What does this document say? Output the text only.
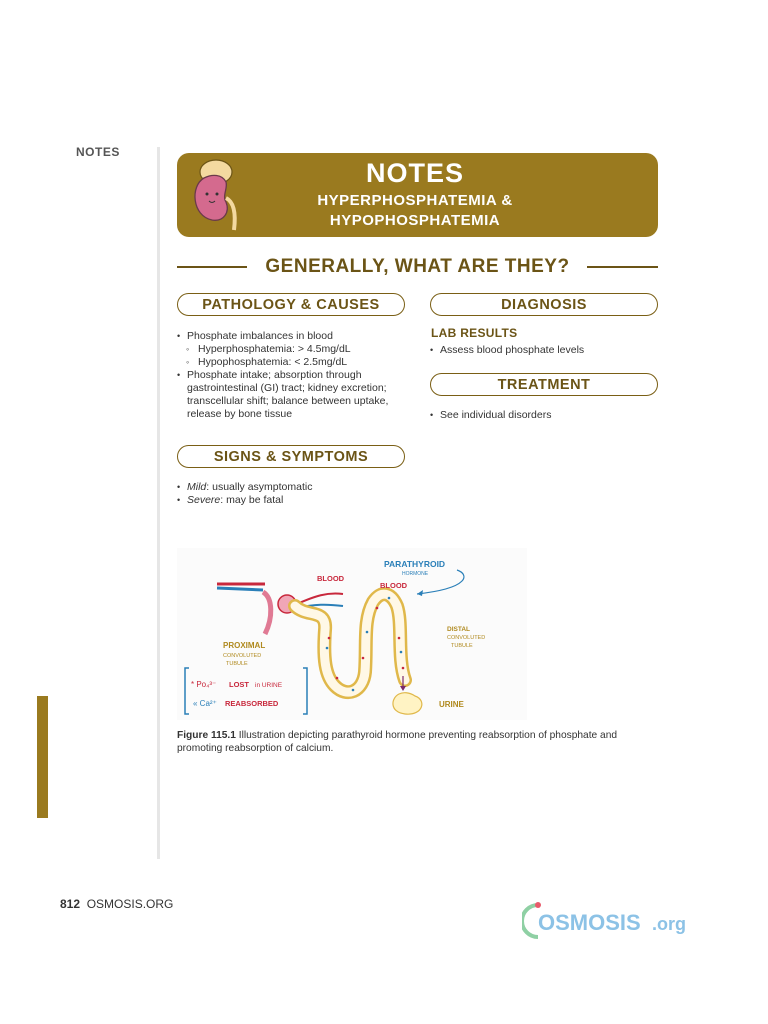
NOTES
NOTES
HYPERPHOSPHATEMIA &
HYPOPHOSPHATEMIA
GENERALLY, WHAT ARE THEY?
PATHOLOGY & CAUSES
• Phosphate imbalances in blood
◦ Hyperphosphatemia: > 4.5mg/dL
◦ Hypophosphatemia: < 2.5mg/dL
• Phosphate intake; absorption through gastrointestinal (GI) tract; kidney excretion; transcellular shift; balance between uptake, release by bone tissue
SIGNS & SYMPTOMS
• Mild: usually asymptomatic
• Severe: may be fatal
DIAGNOSIS
LAB RESULTS
• Assess blood phosphate levels
TREATMENT
• See individual disorders
PARATHYROID
HORMONE
BLOOD
BLOOD
PROXIMAL
CONVOLUTED
TUBULE
DISTAL
CONVOLUTED
TUBULE
URINE
* Po₄³⁻ LOST in URINE
« Ca²⁺ REABSORBED
Figure 115.1 Illustration depicting parathyroid hormone preventing reabsorption of phosphate and promoting reabsorption of calcium.
812 OSMOSIS.ORG
OSMOSIS .org
